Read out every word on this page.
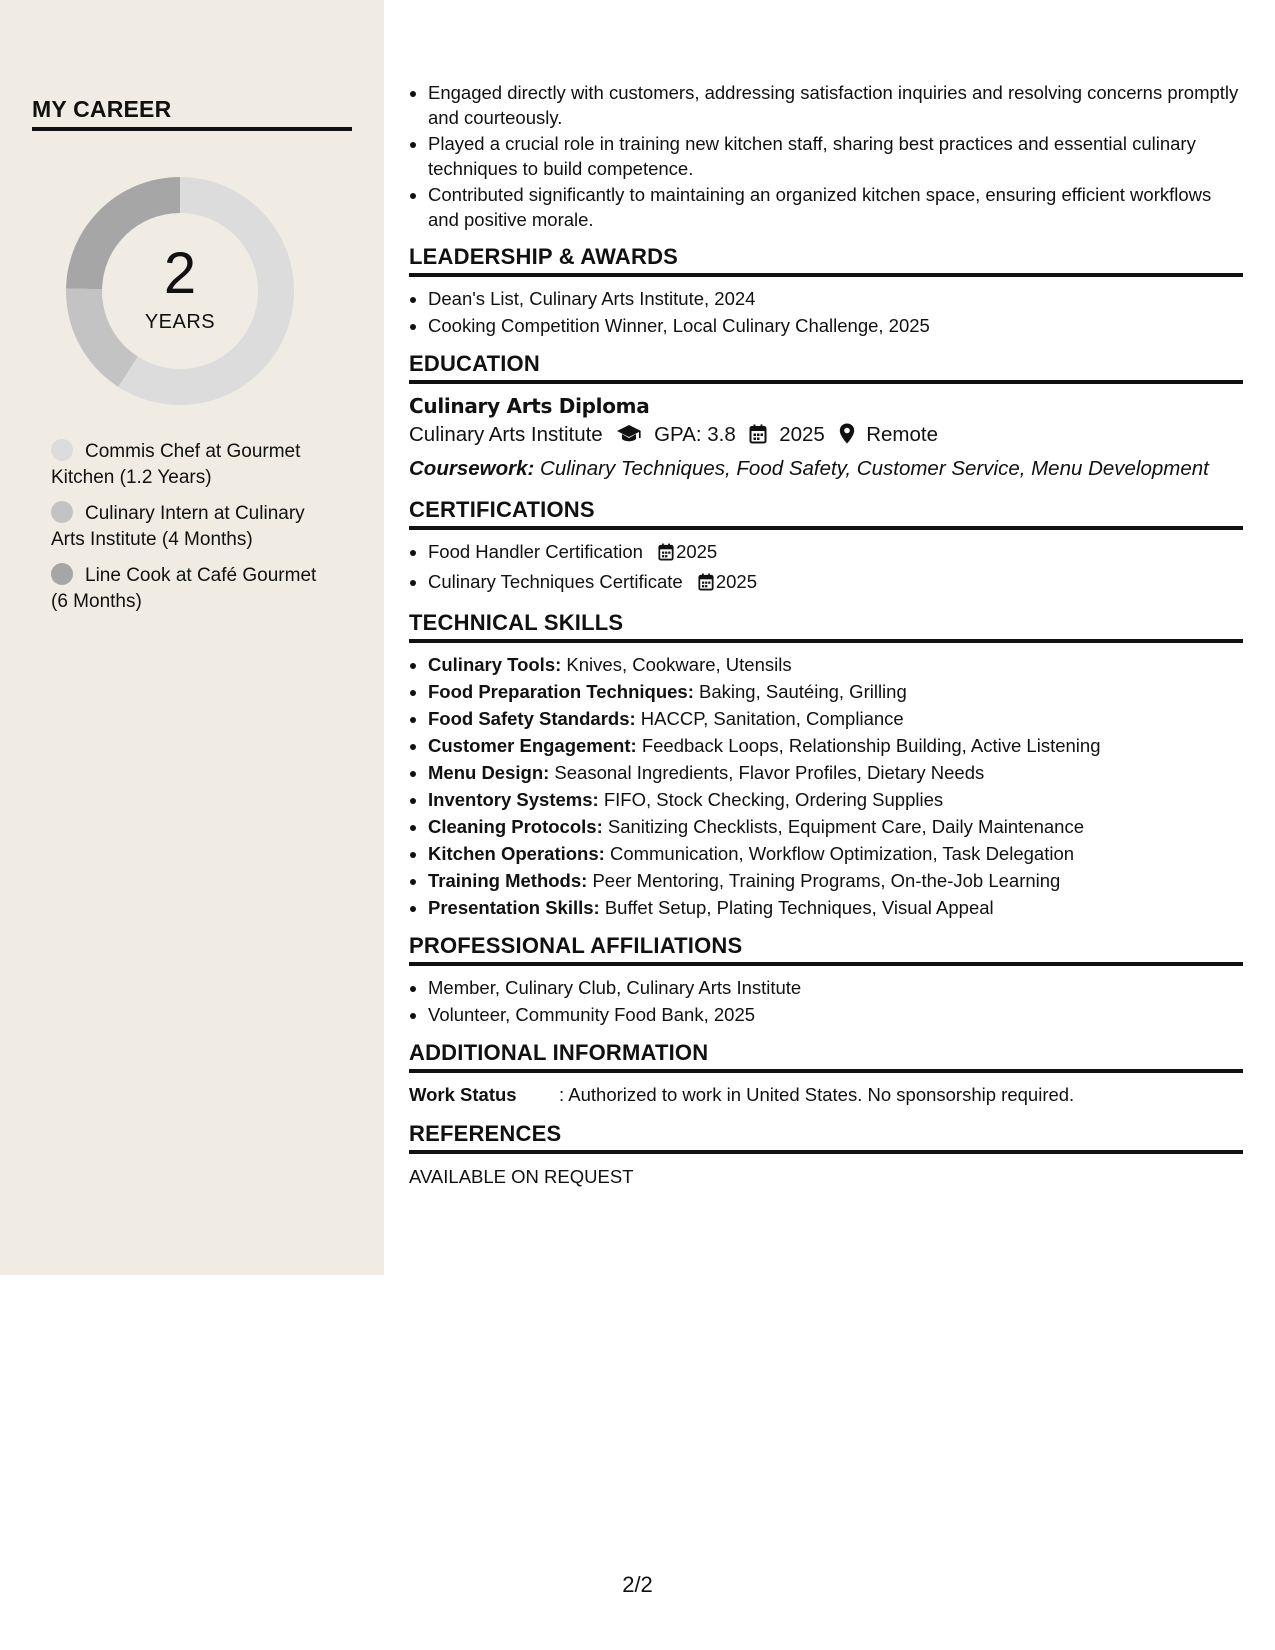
MY CAREER
2
YEARS
Commis Chef at Gourmet Kitchen (1.2 Years)
Culinary Intern at Culinary Arts Institute (4 Months)
Line Cook at Café Gourmet (6 Months)
• Engaged directly with customers, addressing satisfaction inquiries and resolving concerns promptly and courteously.
• Played a crucial role in training new kitchen staff, sharing best practices and essential culinary techniques to build competence.
• Contributed significantly to maintaining an organized kitchen space, ensuring efficient workflows and positive morale.
LEADERSHIP & AWARDS
• Dean's List, Culinary Arts Institute, 2024
• Cooking Competition Winner, Local Culinary Challenge, 2025
EDUCATION
Culinary Arts Diploma
Culinary Arts Institute	GPA: 3.8 2025 Remote
Coursework: Culinary Techniques, Food Safety, Customer Service, Menu Development
CERTIFICATIONS
• Food Handler Certification 2025
• Culinary Techniques Certificate 2025
TECHNICAL SKILLS
• Culinary Tools: Knives, Cookware, Utensils
• Food Preparation Techniques: Baking, Sautéing, Grilling
• Food Safety Standards: HACCP, Sanitation, Compliance
• Customer Engagement: Feedback Loops, Relationship Building, Active Listening
• Menu Design: Seasonal Ingredients, Flavor Profiles, Dietary Needs
• Inventory Systems: FIFO, Stock Checking, Ordering Supplies
• Cleaning Protocols: Sanitizing Checklists, Equipment Care, Daily Maintenance
• Kitchen Operations: Communication, Workflow Optimization, Task Delegation
• Training Methods: Peer Mentoring, Training Programs, On-the-Job Learning
• Presentation Skills: Buffet Setup, Plating Techniques, Visual Appeal
PROFESSIONAL AFFILIATIONS
• Member, Culinary Club, Culinary Arts Institute
• Volunteer, Community Food Bank, 2025
ADDITIONAL INFORMATION
Work Status : Authorized to work in United States. No sponsorship required.
REFERENCES
AVAILABLE ON REQUEST
2/2
